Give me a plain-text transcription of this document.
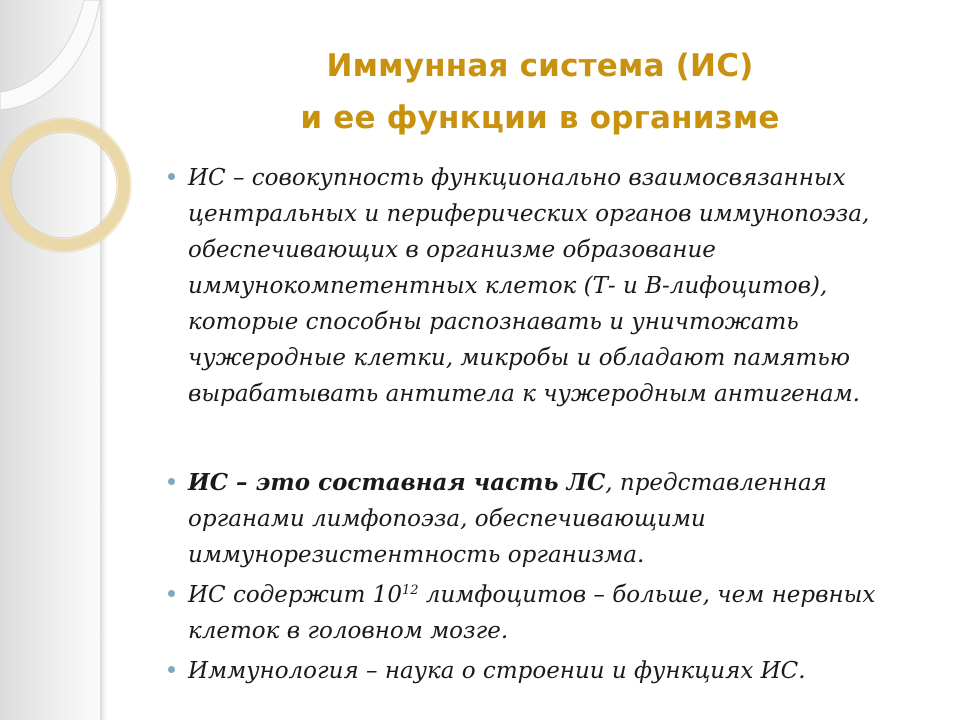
Иммунная система (ИС)
и ее функции в организме
ИС – совокупность функционально взаимосвязанных
центральных и периферических органов иммунопоэза,
обеспечивающих в организме образование
иммунокомпетентных клеток (Т- и В-лифоцитов),
которые способны распознавать и уничтожать
чужеродные клетки, микробы и обладают памятью
вырабатывать антитела к чужеродным антигенам.
ИС – это составная часть ЛС, представленная
органами лимфопоэза, обеспечивающими
иммунорезистентность организма.
ИС содержит $10^{12}$ лимфоцитов – больше, чем нервных
клеток в головном мозге.
Иммунология – наука о строении и функциях ИС.
